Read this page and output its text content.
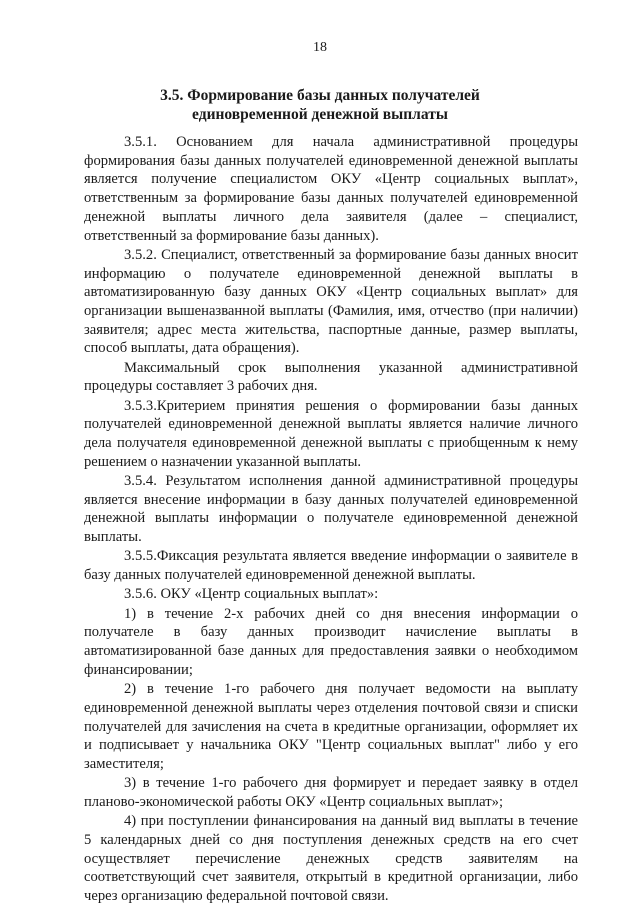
18
3.5. Формирование базы данных получателей единовременной денежной выплаты

3.5.1. Основанием для начала административной процедуры формирования базы данных получателей единовременной денежной выплаты является получение специалистом ОКУ «Центр социальных выплат», ответственным за формирование базы данных получателей единовременной денежной выплаты личного дела заявителя (далее – специалист, ответственный за формирование базы данных).

3.5.2. Специалист, ответственный за формирование базы данных вносит информацию о получателе единовременной денежной выплаты в автоматизированную базу данных ОКУ «Центр социальных выплат» для организации вышеназванной выплаты (Фамилия, имя, отчество (при наличии) заявителя; адрес места жительства, паспортные данные, размер выплаты, способ выплаты, дата обращения).

Максимальный срок выполнения указанной административной процедуры составляет 3 рабочих дня.

3.5.3.Критерием принятия решения о формировании базы данных получателей единовременной денежной выплаты является наличие личного дела получателя единовременной денежной выплаты с приобщенным к нему решением о назначении указанной выплаты.

3.5.4. Результатом исполнения данной административной процедуры является внесение информации в базу данных получателей единовременной денежной выплаты информации о получателе единовременной денежной выплаты.

3.5.5.Фиксация результата является введение информации о заявителе в базу данных получателей единовременной денежной выплаты.

3.5.6. ОКУ «Центр социальных выплат»:

1) в течение 2-х рабочих дней со дня внесения информации о получателе в базу данных производит начисление выплаты в автоматизированной базе данных для предоставления заявки о необходимом финансировании;

2) в течение 1-го рабочего дня получает ведомости на выплату единовременной денежной выплаты через отделения почтовой связи и списки получателей для зачисления на счета в кредитные организации, оформляет их и подписывает у начальника ОКУ "Центр социальных выплат" либо у его заместителя;

3) в течение 1-го рабочего дня формирует и передает заявку в отдел планово-экономической работы ОКУ «Центр социальных выплат»;

4) при поступлении финансирования на данный вид выплаты в течение 5 календарных дней со дня поступления денежных средств на его счет осуществляет перечисление денежных средств заявителям на соответствующий счет заявителя, открытый в кредитной организации, либо через организацию федеральной почтовой связи.
